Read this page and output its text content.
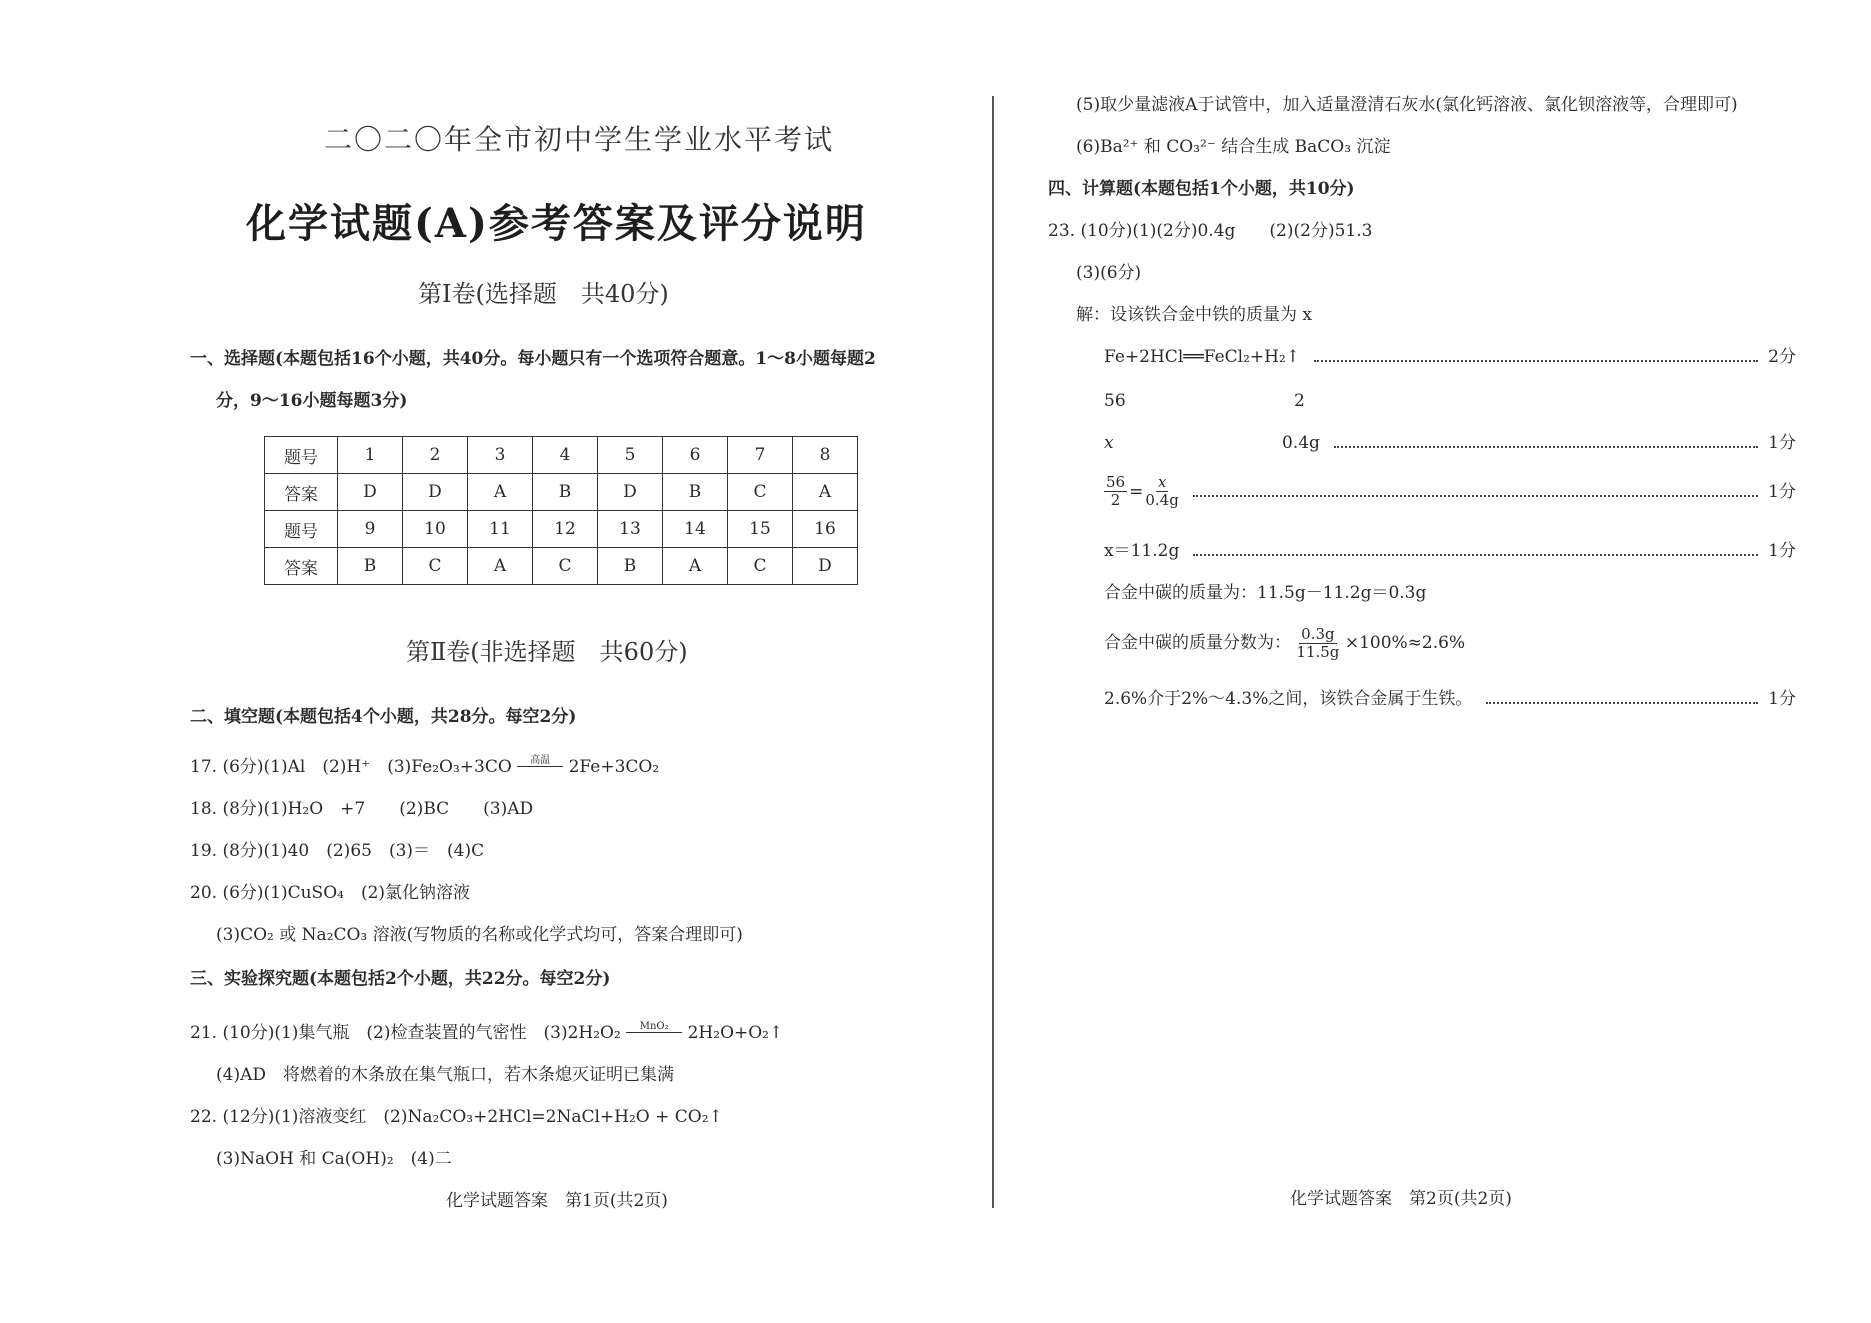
二〇二〇年全市初中学生学业水平考试
化学试题(A)参考答案及评分说明
第Ⅰ卷(选择题　共40分)
一、选择题(本题包括16个小题，共40分。每小题只有一个选项符合题意。1～8小题每题2
分，9～16小题每题3分)
题号	1	2	3	4	5	6	7	8
答案	D	D	A	B	D	B	C	A
题号	9	10	11	12	13	14	15	16
答案	B	C	A	C	B	A	C	D
第Ⅱ卷(非选择题　共60分)
二、填空题(本题包括4个小题，共28分。每空2分)
17. (6分)(1)Al　(2)H⁺　(3)Fe₂O₃+3CO 高温 2Fe+3CO₂
18. (8分)(1)H₂O　+7　　(2)BC　　(3)AD
19. (8分)(1)40　(2)65　(3)＝　(4)C
20. (6分)(1)CuSO₄　(2)氯化钠溶液
(3)CO₂ 或 Na₂CO₃ 溶液(写物质的名称或化学式均可，答案合理即可)
三、实验探究题(本题包括2个小题，共22分。每空2分)
21. (10分)(1)集气瓶　(2)检查装置的气密性　(3)2H₂O₂ MnO₂ 2H₂O+O₂↑
(4)AD　将燃着的木条放在集气瓶口，若木条熄灭证明已集满
22. (12分)(1)溶液变红　(2)Na₂CO₃+2HCl=2NaCl+H₂O + CO₂↑
(3)NaOH 和 Ca(OH)₂　(4)二
化学试题答案　第1页(共2页)
(5)取少量滤液A于试管中，加入适量澄清石灰水(氯化钙溶液、氯化钡溶液等，合理即可)
(6)Ba²⁺ 和 CO₃²⁻ 结合生成 BaCO₃ 沉淀
四、计算题(本题包括1个小题，共10分)
23. (10分)(1)(2分)0.4g　　(2)(2分)51.3
(3)(6分)
解：设该铁合金中铁的质量为 x
Fe+2HCl══FeCl₂+H₂↑	2分
56	2
x	0.4g	1分
$\frac{56}{2} = \frac{x}{0.4g}$	1分
x＝11.2g	1分
合金中碳的质量为：11.5g－11.2g＝0.3g
合金中碳的质量分数为： $\frac{0.3g}{11.5g} \times 100\%\approx 2.6\%$
2.6%介于2%～4.3%之间，该铁合金属于生铁。	1分
化学试题答案　第2页(共2页)
